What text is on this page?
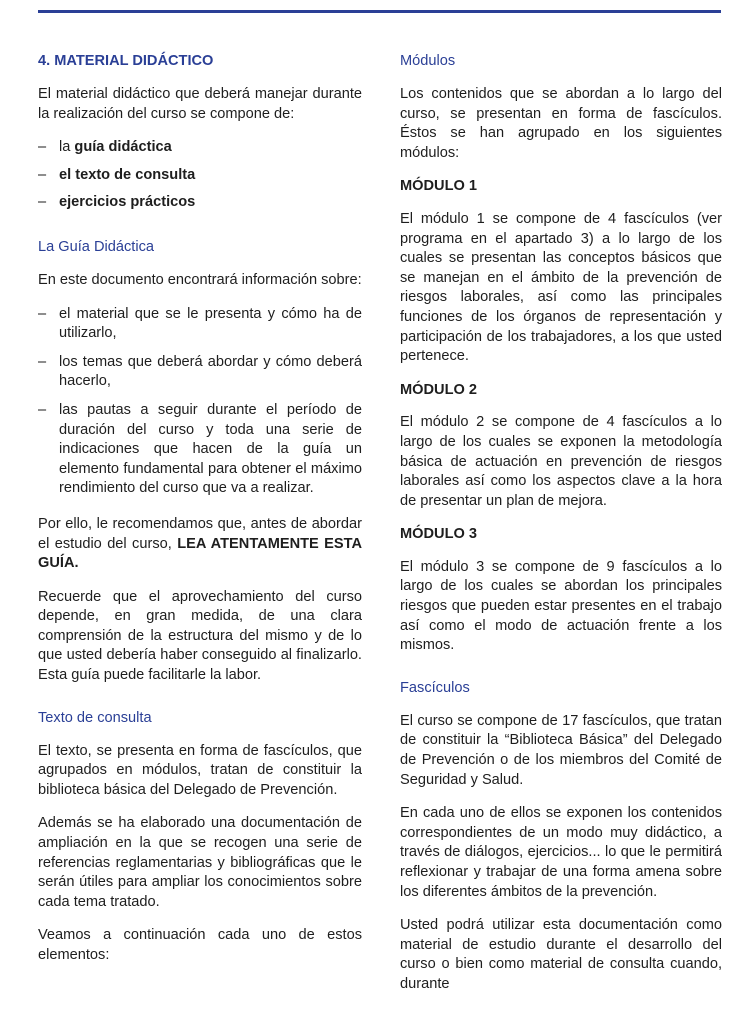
4. MATERIAL DIDÁCTICO

El material didáctico que deberá manejar durante la realización del curso se compone de:

– la guía didáctica
– el texto de consulta
– ejercicios prácticos
La Guía Didáctica

En este documento encontrará información sobre:

– el material que se le presenta y cómo ha de utilizarlo,
– los temas que deberá abordar y cómo deberá hacerlo,
– las pautas a seguir durante el período de duración del curso y toda una serie de indicaciones que hacen de la guía un elemento fundamental para obtener el máximo rendimiento del curso que va a realizar.

Por ello, le recomendamos que, antes de abordar el estudio del curso, LEA ATENTAMENTE ESTA GUÍA.

Recuerde que el aprovechamiento del curso depende, en gran medida, de una clara comprensión de la estructura del mismo y de lo que usted debería haber conseguido al finalizarlo. Esta guía puede facilitarle la labor.

Texto de consulta

El texto, se presenta en forma de fascículos, que agrupados en módulos, tratan de constituir la biblioteca básica del Delegado de Prevención.

Además se ha elaborado una documentación de ampliación en la que se recogen una serie de referencias reglamentarias y bibliográficas que le serán útiles para ampliar los conocimientos sobre cada tema tratado.

Veamos a continuación cada uno de estos elementos:

Módulos

Los contenidos que se abordan a lo largo del curso, se presentan en forma de fascículos. Éstos se han agrupado en los siguientes módulos:

MÓDULO 1

El módulo 1 se compone de 4 fascículos (ver programa en el apartado 3) a lo largo de los cuales se presentan las conceptos básicos que se manejan en el ámbito de la prevención de riesgos laborales, así como las principales funciones de los órganos de representación y participación de los trabajadores, a los que usted pertenece.

MÓDULO 2

El módulo 2 se compone de 4 fascículos a lo largo de los cuales se exponen la metodología básica de actuación en prevención de riesgos laborales así como los aspectos clave a la hora de presentar un plan de mejora.

MÓDULO 3

El módulo 3 se compone de 9 fascículos a lo largo de los cuales se abordan los principales riesgos que pueden estar presentes en el trabajo así como el modo de actuación frente a los mismos.

Fascículos

El curso se compone de 17 fascículos, que tratan de constituir la “Biblioteca Básica” del Delegado de Prevención o de los miembros del Comité de Seguridad y Salud.

En cada uno de ellos se exponen los contenidos correspondientes de un modo muy didáctico, a través de diálogos, ejercicios... lo que le permitirá reflexionar y trabajar de una forma amena sobre los diferentes ámbitos de la prevención.

Usted podrá utilizar esta documentación como material de estudio durante el desarrollo del curso o bien como material de consulta cuando, durante
